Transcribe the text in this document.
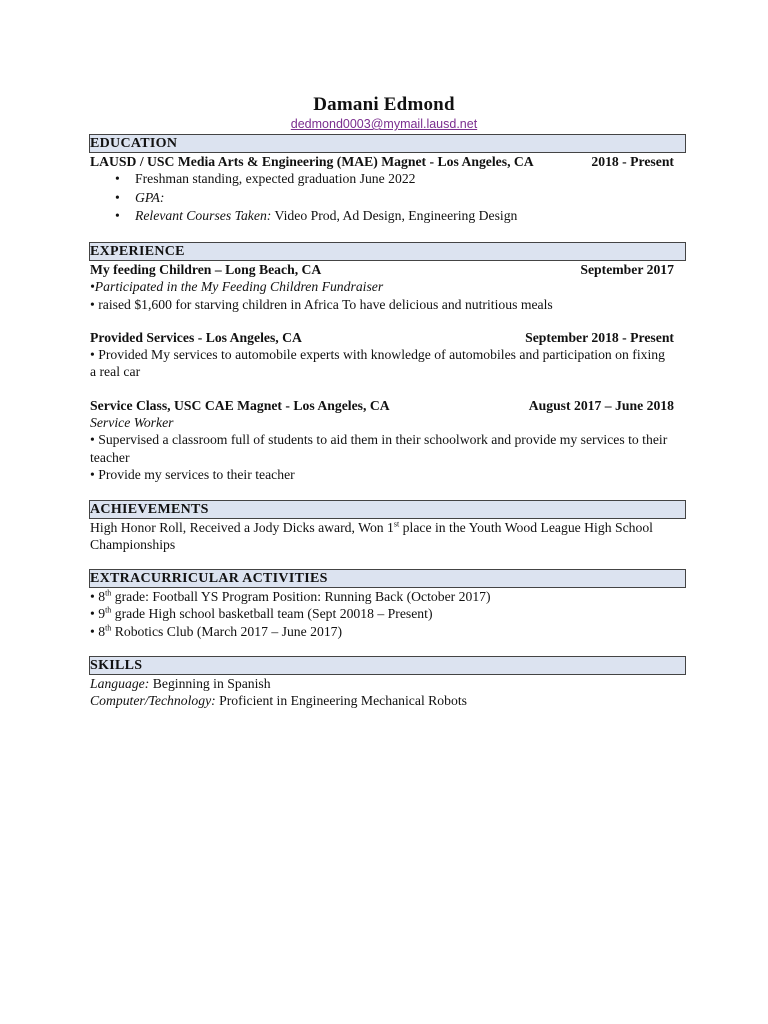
Damani Edmond
dedmond0003@mymail.lausd.net
EDUCATION
LAUSD / USC Media Arts & Engineering (MAE) Magnet - Los Angeles, CA	2018 - Present
• Freshman standing, expected graduation June 2022
• GPA:
• Relevant Courses Taken: Video Prod, Ad Design, Engineering Design
EXPERIENCE
My feeding Children – Long Beach, CA	September 2017
•Participated in the My Feeding Children Fundraiser
• raised $1,600 for starving children in Africa To have delicious and nutritious meals
Provided Services - Los Angeles, CA	September 2018 - Present
• Provided My services to automobile experts with knowledge of automobiles and participation on fixing a real car
Service Class, USC CAE Magnet - Los Angeles, CA	August 2017 – June 2018
Service Worker
• Supervised a classroom full of students to aid them in their schoolwork and provide my services to their teacher
• Provide my services to their teacher
ACHIEVEMENTS
High Honor Roll, Received a Jody Dicks award, Won 1st place in the Youth Wood League High School Championships
EXTRACURRICULAR ACTIVITIES
• 8th grade: Football YS Program Position: Running Back (October 2017)
• 9th grade High school basketball team (Sept 20018 – Present)
• 8th Robotics Club (March 2017 – June 2017)
SKILLS
Language: Beginning in Spanish
Computer/Technology: Proficient in Engineering Mechanical Robots
